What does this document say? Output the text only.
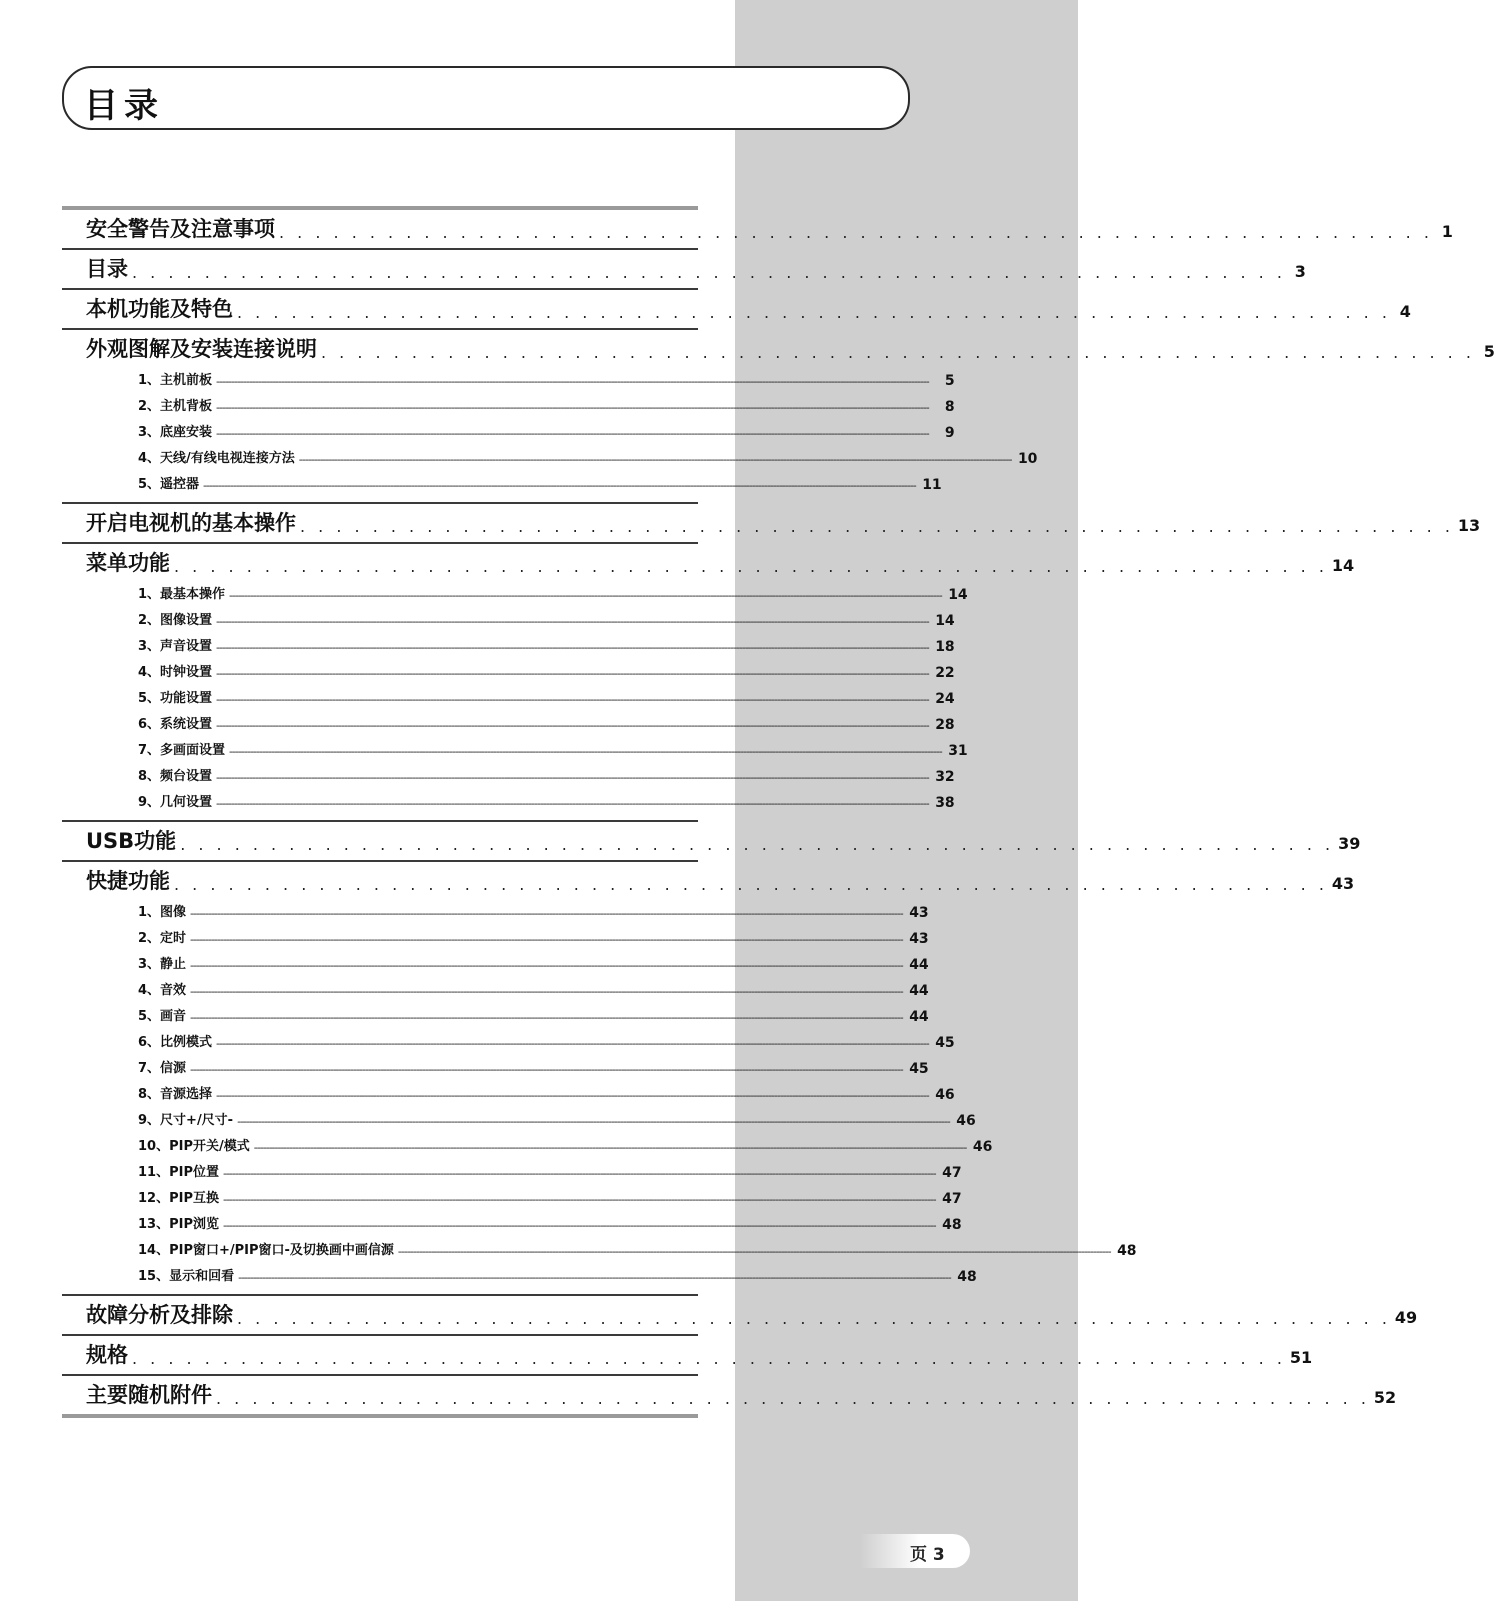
目录
安全警告及注意事项 . . . . . . . . . . . . . . . . . . . . . . . . . . . . . . . . . . . . . . . . . . . . . . . . . . . . . . . . . . . . . . . . 1
目录 . . . . . . . . . . . . . . . . . . . . . . . . . . . . . . . . . . . . . . . . . . . . . . . . . . . . . . . . . . . . . . . . 3
本机功能及特色 . . . . . . . . . . . . . . . . . . . . . . . . . . . . . . . . . . . . . . . . . . . . . . . . . . . . . . . . . . . . . . . . 4
外观图解及安装连接说明 . . . . . . . . . . . . . . . . . . . . . . . . . . . . . . . . . . . . . . . . . . . . . . . . . . . . . . . . . . . . . . . . 5
1、主机前板 ------------------------------------------------------------------------------------------------------------------------------------------------------------------------------------------------------------------------------------------------	5
2、主机背板 ------------------------------------------------------------------------------------------------------------------------------------------------------------------------------------------------------------------------------------------------	8
3、底座安装 ------------------------------------------------------------------------------------------------------------------------------------------------------------------------------------------------------------------------------------------------	9
4、天线/有线电视连接方法 ------------------------------------------------------------------------------------------------------------------------------------------------------------------------------------------------------------------------------------------------ 10
5、遥控器 ------------------------------------------------------------------------------------------------------------------------------------------------------------------------------------------------------------------------------------------------ 11
开启电视机的基本操作 . . . . . . . . . . . . . . . . . . . . . . . . . . . . . . . . . . . . . . . . . . . . . . . . . . . . . . . . . . . . . . . . 13
菜单功能 . . . . . . . . . . . . . . . . . . . . . . . . . . . . . . . . . . . . . . . . . . . . . . . . . . . . . . . . . . . . . . . . 14
1、最基本操作 ------------------------------------------------------------------------------------------------------------------------------------------------------------------------------------------------------------------------------------------------ 14
2、图像设置 ------------------------------------------------------------------------------------------------------------------------------------------------------------------------------------------------------------------------------------------------ 14
3、声音设置 ------------------------------------------------------------------------------------------------------------------------------------------------------------------------------------------------------------------------------------------------ 18
4、时钟设置 ------------------------------------------------------------------------------------------------------------------------------------------------------------------------------------------------------------------------------------------------ 22
5、功能设置 ------------------------------------------------------------------------------------------------------------------------------------------------------------------------------------------------------------------------------------------------ 24
6、系统设置 ------------------------------------------------------------------------------------------------------------------------------------------------------------------------------------------------------------------------------------------------ 28
7、多画面设置 ------------------------------------------------------------------------------------------------------------------------------------------------------------------------------------------------------------------------------------------------ 31
8、频台设置 ------------------------------------------------------------------------------------------------------------------------------------------------------------------------------------------------------------------------------------------------ 32
9、几何设置 ------------------------------------------------------------------------------------------------------------------------------------------------------------------------------------------------------------------------------------------------ 38
USB功能 . . . . . . . . . . . . . . . . . . . . . . . . . . . . . . . . . . . . . . . . . . . . . . . . . . . . . . . . . . . . . . . . 39
快捷功能 . . . . . . . . . . . . . . . . . . . . . . . . . . . . . . . . . . . . . . . . . . . . . . . . . . . . . . . . . . . . . . . . 43
1、图像 ------------------------------------------------------------------------------------------------------------------------------------------------------------------------------------------------------------------------------------------------ 43
2、定时 ------------------------------------------------------------------------------------------------------------------------------------------------------------------------------------------------------------------------------------------------ 43
3、静止 ------------------------------------------------------------------------------------------------------------------------------------------------------------------------------------------------------------------------------------------------ 44
4、音效 ------------------------------------------------------------------------------------------------------------------------------------------------------------------------------------------------------------------------------------------------ 44
5、画音 ------------------------------------------------------------------------------------------------------------------------------------------------------------------------------------------------------------------------------------------------ 44
6、比例模式 ------------------------------------------------------------------------------------------------------------------------------------------------------------------------------------------------------------------------------------------------ 45
7、信源 ------------------------------------------------------------------------------------------------------------------------------------------------------------------------------------------------------------------------------------------------ 45
8、音源选择 ------------------------------------------------------------------------------------------------------------------------------------------------------------------------------------------------------------------------------------------------ 46
9、尺寸+/尺寸- ------------------------------------------------------------------------------------------------------------------------------------------------------------------------------------------------------------------------------------------------ 46
10、PIP开关/模式 ------------------------------------------------------------------------------------------------------------------------------------------------------------------------------------------------------------------------------------------------ 46
11、PIP位置 ------------------------------------------------------------------------------------------------------------------------------------------------------------------------------------------------------------------------------------------------ 47
12、PIP互换 ------------------------------------------------------------------------------------------------------------------------------------------------------------------------------------------------------------------------------------------------ 47
13、PIP浏览 ------------------------------------------------------------------------------------------------------------------------------------------------------------------------------------------------------------------------------------------------ 48
14、PIP窗口+/PIP窗口-及切换画中画信源 ------------------------------------------------------------------------------------------------------------------------------------------------------------------------------------------------------------------------------------------------ 48
15、显示和回看 ------------------------------------------------------------------------------------------------------------------------------------------------------------------------------------------------------------------------------------------------ 48
故障分析及排除 . . . . . . . . . . . . . . . . . . . . . . . . . . . . . . . . . . . . . . . . . . . . . . . . . . . . . . . . . . . . . . . . 49
规格 . . . . . . . . . . . . . . . . . . . . . . . . . . . . . . . . . . . . . . . . . . . . . . . . . . . . . . . . . . . . . . . . 51
主要随机附件 . . . . . . . . . . . . . . . . . . . . . . . . . . . . . . . . . . . . . . . . . . . . . . . . . . . . . . . . . . . . . . . . 52
页 3
